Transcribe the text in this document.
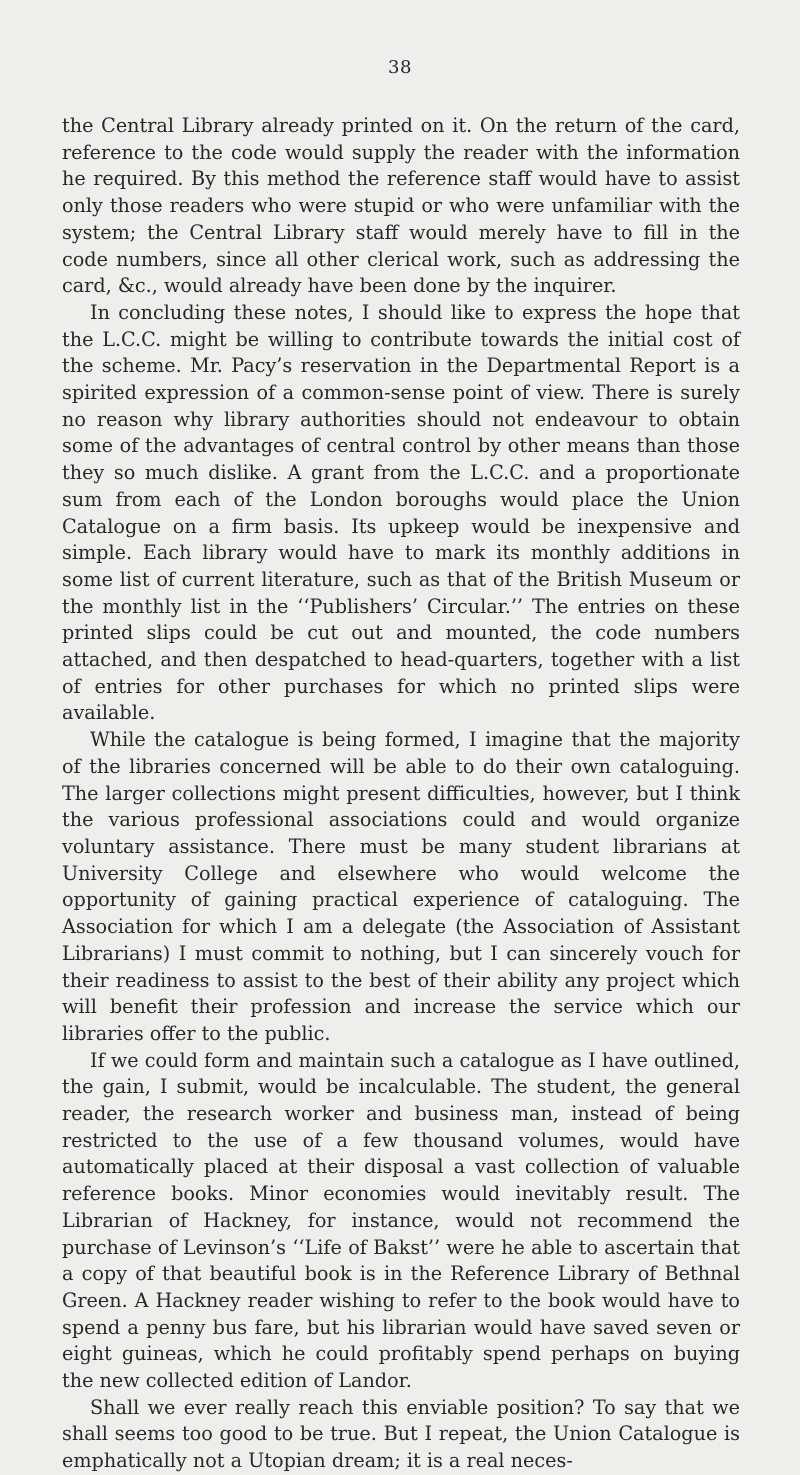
38

the Central Library already printed on it. On the return of the card, reference to the code would supply the reader with the information he required. By this method the reference staff would have to assist only those readers who were stupid or who were unfamiliar with the system; the Central Library staff would merely have to fill in the code numbers, since all other clerical work, such as addressing the card, &c., would already have been done by the inquirer.

In concluding these notes, I should like to express the hope that the L.C.C. might be willing to contribute towards the initial cost of the scheme. Mr. Pacy’s reservation in the Departmental Report is a spirited expression of a common-sense point of view. There is surely no reason why library authorities should not endeavour to obtain some of the advantages of central control by other means than those they so much dislike. A grant from the L.C.C. and a proportionate sum from each of the London boroughs would place the Union Catalogue on a firm basis. Its upkeep would be inexpensive and simple. Each library would have to mark its monthly additions in some list of current literature, such as that of the British Museum or the monthly list in the ‘‘Publishers’ Circular.’’ The entries on these printed slips could be cut out and mounted, the code numbers attached, and then despatched to head-quarters, together with a list of entries for other purchases for which no printed slips were available.

While the catalogue is being formed, I imagine that the majority of the libraries concerned will be able to do their own cataloguing. The larger collections might present difficulties, however, but I think the various professional associations could and would organize voluntary assistance. There must be many student librarians at University College and elsewhere who would welcome the opportunity of gaining practical experience of cataloguing. The Association for which I am a delegate (the Association of Assistant Librarians) I must commit to nothing, but I can sincerely vouch for their readiness to assist to the best of their ability any project which will benefit their profession and increase the service which our libraries offer to the public.

If we could form and maintain such a catalogue as I have outlined, the gain, I submit, would be incalculable. The student, the general reader, the research worker and business man, instead of being restricted to the use of a few thousand volumes, would have automatically placed at their disposal a vast collection of valuable reference books. Minor economies would inevitably result. The Librarian of Hackney, for instance, would not recommend the purchase of Levinson’s ‘‘Life of Bakst’’ were he able to ascertain that a copy of that beautiful book is in the Reference Library of Bethnal Green. A Hackney reader wishing to refer to the book would have to spend a penny bus fare, but his librarian would have saved seven or eight guineas, which he could profitably spend perhaps on buying the new collected edition of Landor.

Shall we ever really reach this enviable position? To say that we shall seems too good to be true. But I repeat, the Union Catalogue is emphatically not a Utopian dream; it is a real neces-
